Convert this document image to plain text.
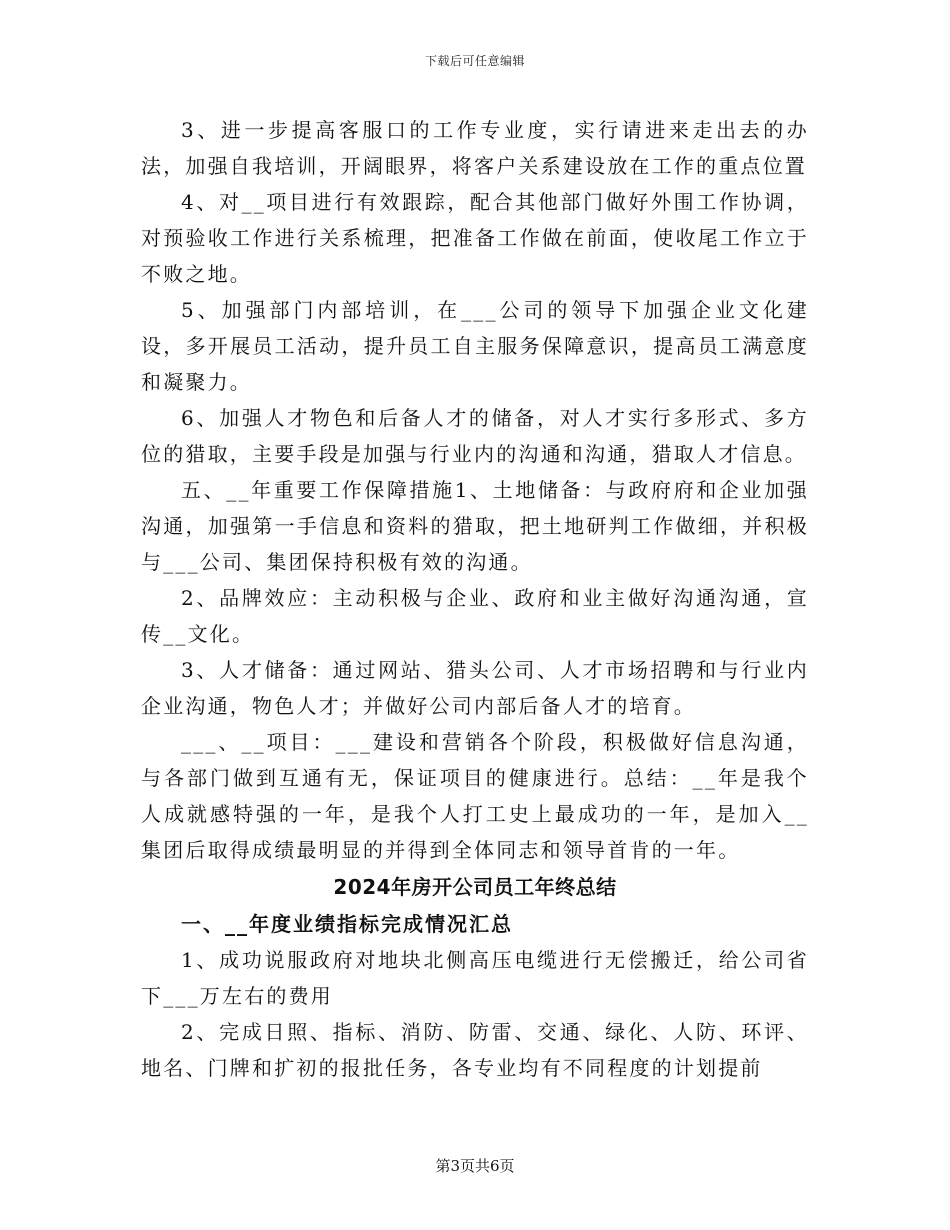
下载后可任意编辑

3、进一步提高客服口的工作专业度，实行请进来走出去的办法，加强自我培训，开阔眼界，将客户关系建设放在工作的重点位置

4、对__项目进行有效跟踪，配合其他部门做好外围工作协调，对预验收工作进行关系梳理，把准备工作做在前面，使收尾工作立于不败之地。

5、加强部门内部培训，在___公司的领导下加强企业文化建设，多开展员工活动，提升员工自主服务保障意识，提高员工满意度和凝聚力。

6、加强人才物色和后备人才的储备，对人才实行多形式、多方位的猎取，主要手段是加强与行业内的沟通和沟通，猎取人才信息。

五、__年重要工作保障措施1、土地储备：与政府府和企业加强沟通，加强第一手信息和资料的猎取，把土地研判工作做细，并积极与___公司、集团保持积极有效的沟通。

2、品牌效应：主动积极与企业、政府和业主做好沟通沟通，宣传__文化。

3、人才储备：通过网站、猎头公司、人才市场招聘和与行业内企业沟通，物色人才；并做好公司内部后备人才的培育。

___、__项目：___建设和营销各个阶段，积极做好信息沟通，与各部门做到互通有无，保证项目的健康进行。总结：__年是我个人成就感特强的一年，是我个人打工史上最成功的一年，是加入__集团后取得成绩最明显的并得到全体同志和领导首肯的一年。

2024年房开公司员工年终总结

一、__年度业绩指标完成情况汇总

1、成功说服政府对地块北侧高压电缆进行无偿搬迁，给公司省下___万左右的费用

2、完成日照、指标、消防、防雷、交通、绿化、人防、环评、地名、门牌和扩初的报批任务，各专业均有不同程度的计划提前

第3页共6页
